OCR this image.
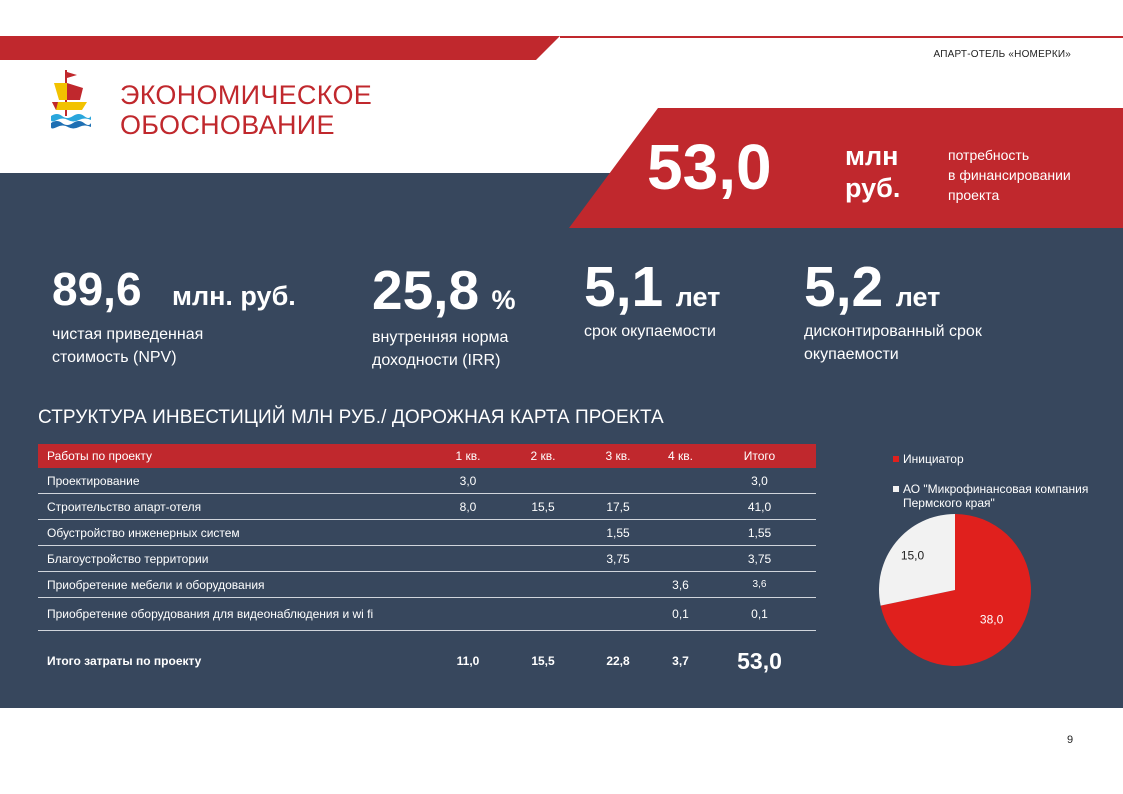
АПАРТ-ОТЕЛЬ «НОМЕРКИ»
ЭКОНОМИЧЕСКОЕ
ОБОСНОВАНИЕ
53,0	млн
руб.
потребность
в финансировании
проекта
89,6 млн. руб.
чистая приведенная
стоимость (NPV)
25,8 %
внутренняя норма
доходности (IRR)
5,1 лет
срок окупаемости
5,2 лет
дисконтированный срок
окупаемости
СТРУКТУРА ИНВЕСТИЦИЙ МЛН РУБ./ ДОРОЖНАЯ КАРТА ПРОЕКТА
Работы по проекту	1 кв.	2 кв.	3 кв.	4 кв.	Итого
Проектирование	3,0				3,0
Строительство апарт-отеля	8,0	15,5	17,5		41,0
Обустройство инженерных систем			1,55		1,55
Благоустройство территории			3,75		3,75
Приобретение мебели и оборудования				3,6	3,6
Приобретение оборудования для видеонаблюдения и wi fi				0,1	0,1
Итого затраты по проекту	11,0	15,5	22,8	3,7	53,0
Инициатор
АО "Микрофинансовая компания Пермского края"
38,0
15,0
9
